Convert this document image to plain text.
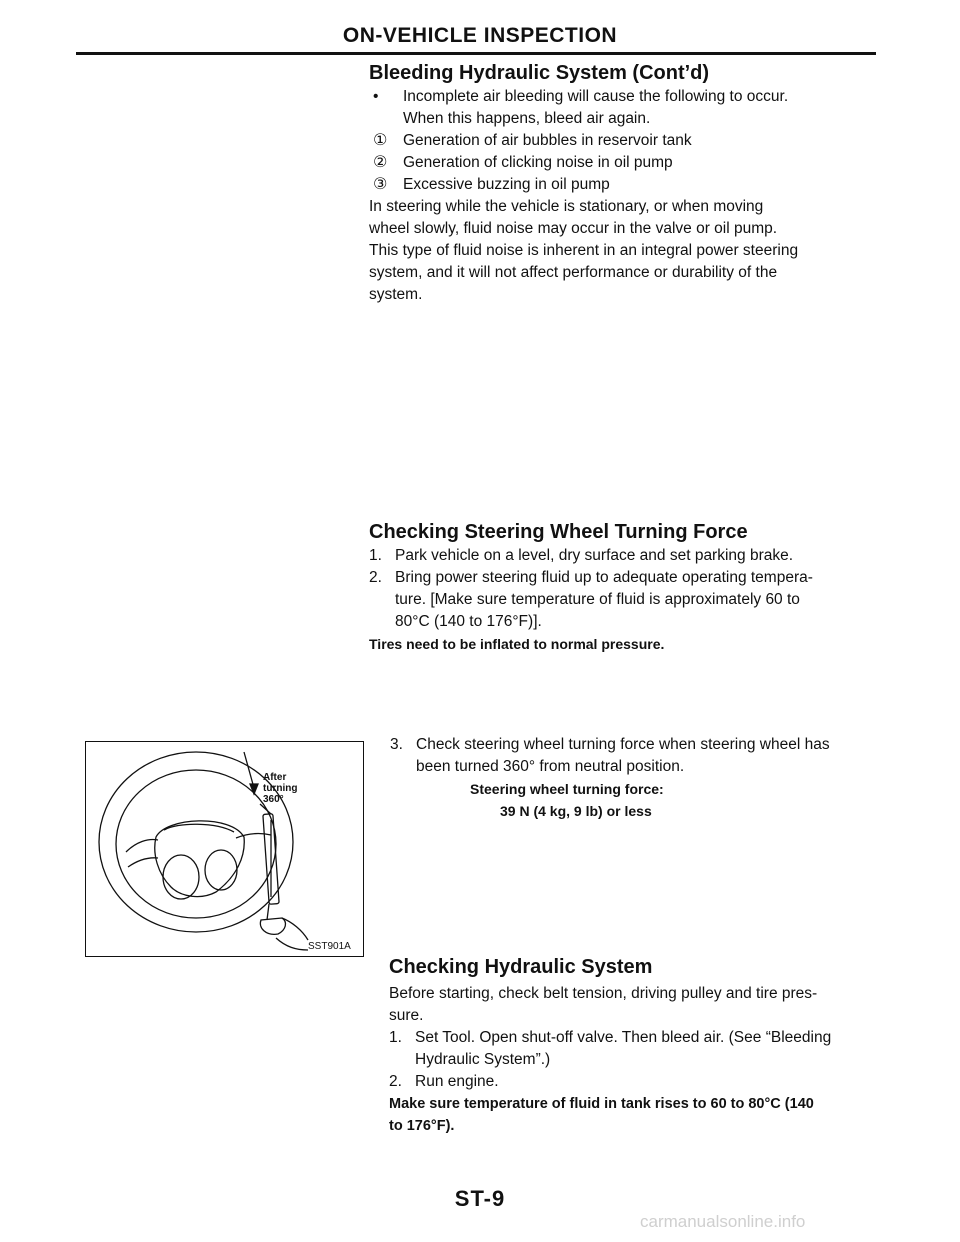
ON-VEHICLE INSPECTION
Bleeding Hydraulic System (Cont’d)
• Incomplete air bleeding will cause the following to occur.
When this happens, bleed air again.
① Generation of air bubbles in reservoir tank
② Generation of clicking noise in oil pump
③ Excessive buzzing in oil pump
In steering while the vehicle is stationary, or when moving
wheel slowly, fluid noise may occur in the valve or oil pump.
This type of fluid noise is inherent in an integral power steering
system, and it will not affect performance or durability of the
system.
Checking Steering Wheel Turning Force
1. Park vehicle on a level, dry surface and set parking brake.
2. Bring power steering fluid up to adequate operating tempera-
ture. [Make sure temperature of fluid is approximately 60 to
80°C (140 to 176°F)].
Tires need to be inflated to normal pressure.
3. Check steering wheel turning force when steering wheel has
been turned 360° from neutral position.
Steering wheel turning force:
39 N (4 kg, 9 lb) or less
After
turning
360°
SST901A
Checking Hydraulic System
Before starting, check belt tension, driving pulley and tire pres-
sure.
1. Set Tool. Open shut-off valve. Then bleed air. (See “Bleeding
Hydraulic System”.)
2. Run engine.
Make sure temperature of fluid in tank rises to 60 to 80°C (140
to 176°F).
ST-9
carmanualsonline.info
